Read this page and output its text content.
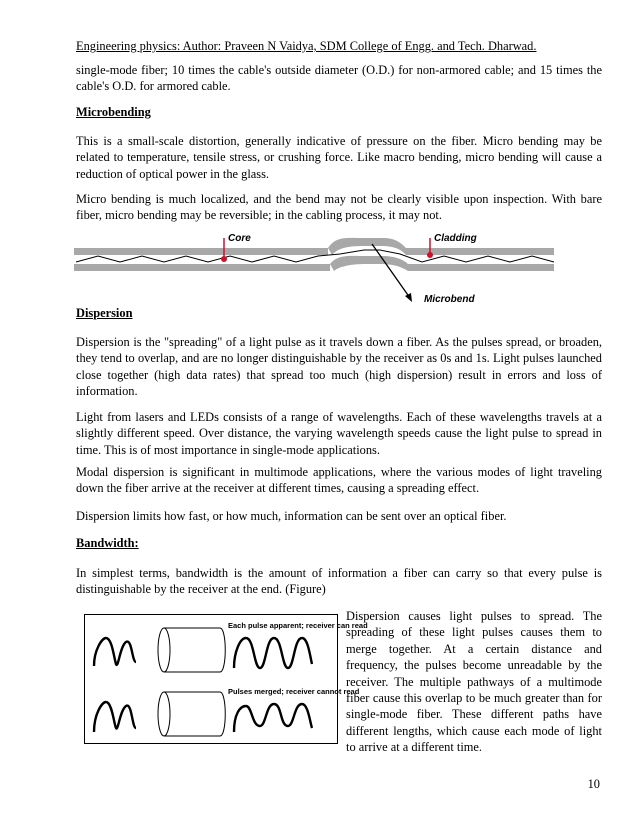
Engineering physics: Author: Praveen N Vaidya, SDM College of Engg. and Tech. Dharwad.

single-mode fiber; 10 times the cable's outside diameter (O.D.) for non-armored cable; and 15 times the cable's O.D. for armored cable.

Microbending

This is a small-scale distortion, generally indicative of pressure on the fiber. Micro bending may be related to temperature, tensile stress, or crushing force. Like macro bending, micro bending will cause a reduction of optical power in the glass.

Micro bending is much localized, and the bend may not be clearly visible upon inspection. With bare fiber, micro bending may be reversible; in the cabling process, it may not.

Core	Cladding
Microbend

Dispersion

Dispersion is the "spreading" of a light pulse as it travels down a fiber. As the pulses spread, or broaden, they tend to overlap, and are no longer distinguishable by the receiver as 0s and 1s. Light pulses launched close together (high data rates) that spread too much (high dispersion) result in errors and loss of information.

Light from lasers and LEDs consists of a range of wavelengths. Each of these wavelengths travels at a slightly different speed. Over distance, the varying wavelength speeds cause the light pulse to spread in time. This is of most importance in single-mode applications.

Modal dispersion is significant in multimode applications, where the various modes of light traveling down the fiber arrive at the receiver at different times, causing a spreading effect.

Dispersion limits how fast, or how much, information can be sent over an optical fiber.

Bandwidth:

In simplest terms, bandwidth is the amount of information a fiber can carry so that every pulse is distinguishable by the receiver at the end. (Figure)

Each pulse apparent; receiver can read
Pulses merged; receiver cannot read

Dispersion causes light pulses to spread. The spreading of these light pulses causes them to merge together. At a certain distance and frequency, the pulses become unreadable by the receiver. The multiple pathways of a multimode fiber cause this overlap to be much greater than for single-mode fiber. These different paths have different lengths, which cause each mode of light to arrive at a different time.

10
